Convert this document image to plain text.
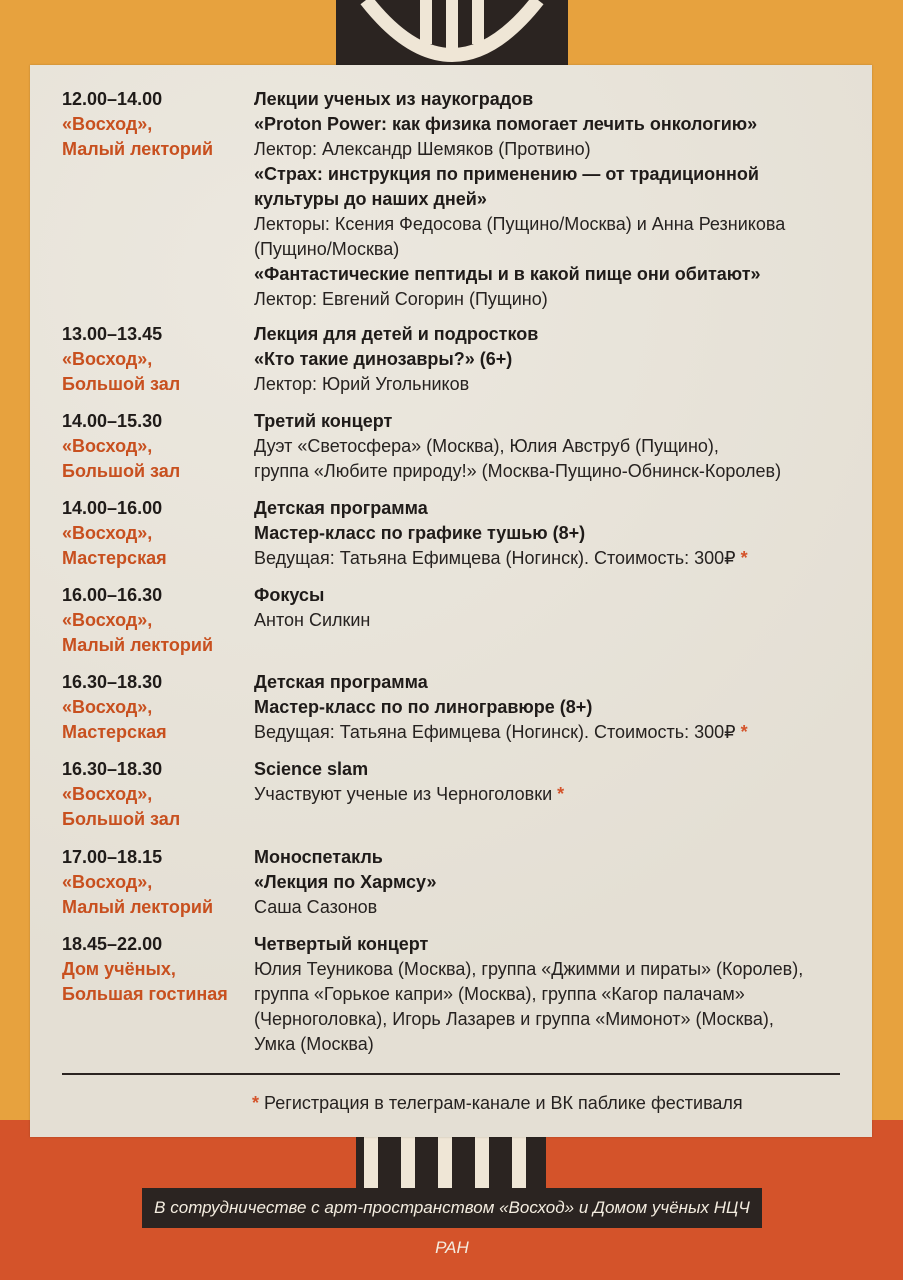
12.00–14.00
«Восход»,
Малый лекторий
Лекции ученых из наукоградов
«Proton Power: как физика помогает лечить онкологию»
Лектор: Александр Шемяков (Протвино)
«Страх: инструкция по применению — от традиционной
культуры до наших дней»
Лекторы: Ксения Федосова (Пущино/Москва) и Анна Резникова
(Пущино/Москва)
«Фантастические пептиды и в какой пище они обитают»
Лектор: Евгений Согорин (Пущино)
13.00–13.45
«Восход»,
Большой зал
Лекция для детей и подростков
«Кто такие динозавры?» (6+)
Лектор: Юрий Угольников
14.00–15.30
«Восход»,
Большой зал
Третий концерт
Дуэт «Светосфера» (Москва), Юлия Авструб (Пущино),
группа «Любите природу!» (Москва-Пущино-Обнинск-Королев)
14.00–16.00
«Восход»,
Мастерская
Детская программа
Мастер-класс по графике тушью (8+)
Ведущая: Татьяна Ефимцева (Ногинск). Стоимость: 300₽ *
16.00–16.30
«Восход»,
Малый лекторий
Фокусы
Антон Силкин
16.30–18.30
«Восход»,
Мастерская
Детская программа
Мастер-класс по по линогравюре (8+)
Ведущая: Татьяна Ефимцева (Ногинск). Стоимость: 300₽ *
16.30–18.30
«Восход»,
Большой зал
Science slam
Участвуют ученые из Черноголовки *
17.00–18.15
«Восход»,
Малый лекторий
Моноспетакль
«Лекция по Хармсу»
Саша Сазонов
18.45–22.00
Дом учёных,
Большая гостиная
Четвертый концерт
Юлия Теуникова (Москва), группа «Джимми и пираты» (Королев),
группа «Горькое капри» (Москва), группа «Кагор палачам»
(Черноголовка), Игорь Лазарев и группа «Мимонот» (Москва),
Умка (Москва)
* Регистрация в телеграм-канале и ВК паблике фестиваля
В сотрудничестве с арт-пространством «Восход» и Домом учёных НЦЧ РАН
